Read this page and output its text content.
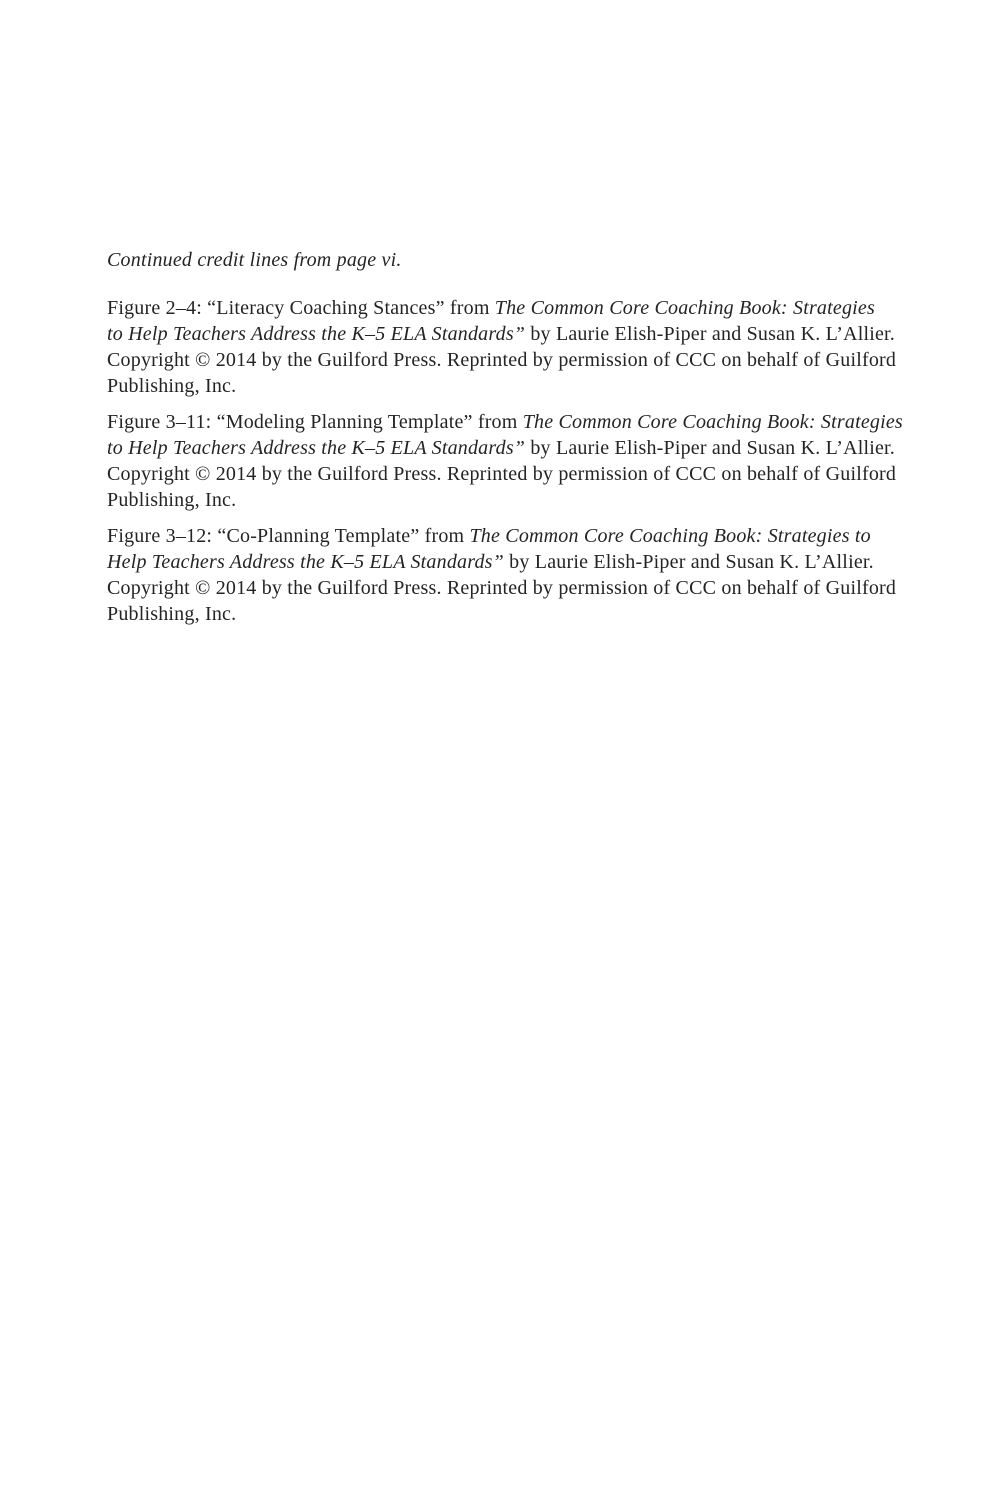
Continued credit lines from page vi.

Figure 2–4: “Literacy Coaching Stances” from The Common Core Coaching Book: Strategies
to Help Teachers Address the K–5 ELA Standards” by Laurie Elish-Piper and Susan K. L’Allier.
Copyright © 2014 by the Guilford Press. Reprinted by permission of CCC on behalf of Guilford
Publishing, Inc.
Figure 3–11: “Modeling Planning Template” from The Common Core Coaching Book: Strategies
to Help Teachers Address the K–5 ELA Standards” by Laurie Elish-Piper and Susan K. L’Allier.
Copyright © 2014 by the Guilford Press. Reprinted by permission of CCC on behalf of Guilford
Publishing, Inc.
Figure 3–12: “Co-Planning Template” from The Common Core Coaching Book: Strategies to
Help Teachers Address the K–5 ELA Standards” by Laurie Elish-Piper and Susan K. L’Allier.
Copyright © 2014 by the Guilford Press. Reprinted by permission of CCC on behalf of Guilford
Publishing, Inc.
